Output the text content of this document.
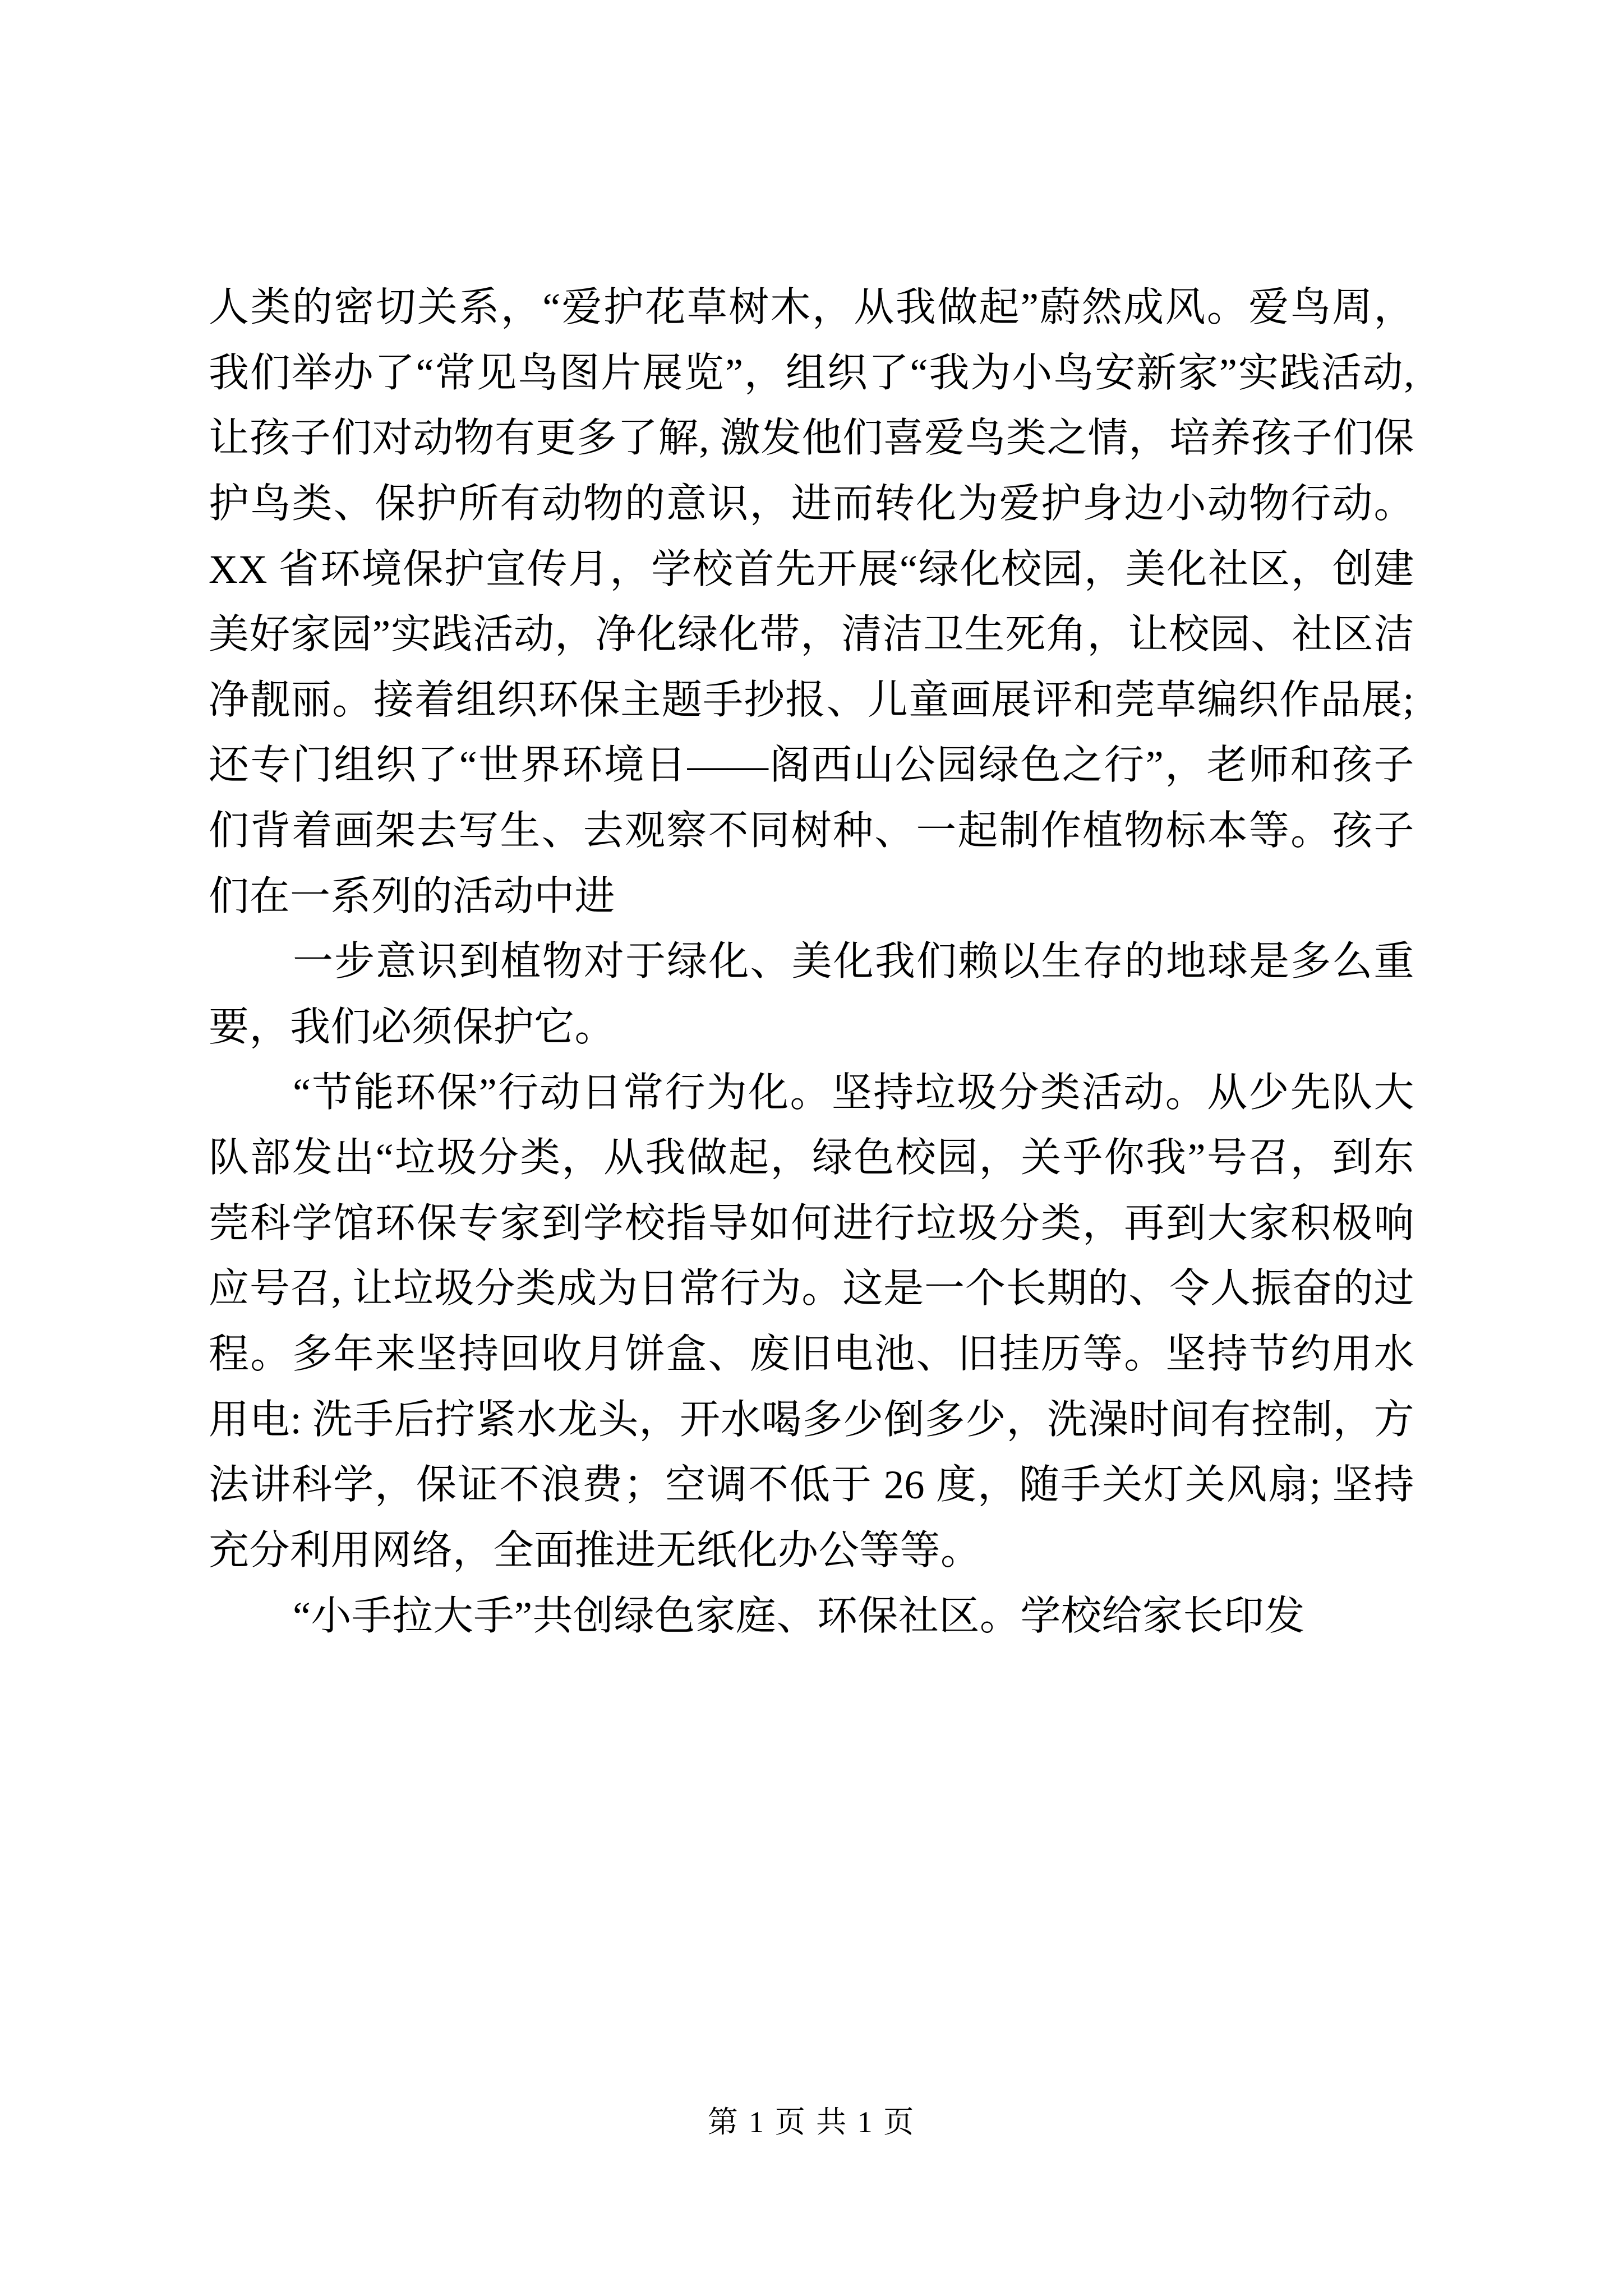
人类的密切关系，“爱护花草树木，从我做起”蔚然成风。爱鸟周，我们举办了“常见鸟图片展览”，组织了“我为小鸟安新家”实践活动, 让孩子们对动物有更多了解, 激发他们喜爱鸟类之情，培养孩子们保护鸟类、保护所有动物的意识，进而转化为爱护身边小动物行动。XX 省环境保护宣传月，学校首先开展“绿化校园，美化社区，创建美好家园”实践活动，净化绿化带，清洁卫生死角，让校园、社区洁净靓丽。接着组织环保主题手抄报、儿童画展评和莞草编织作品展; 还专门组织了“世界环境日——阁西山公园绿色之行”，老师和孩子们背着画架去写生、去观察不同树种、一起制作植物标本等。孩子们在一系列的活动中进

一步意识到植物对于绿化、美化我们赖以生存的地球是多么重要，我们必须保护它。

“节能环保”行动日常行为化。坚持垃圾分类活动。从少先队大队部发出“垃圾分类，从我做起，绿色校园，关乎你我”号召，到东莞科学馆环保专家到学校指导如何进行垃圾分类，再到大家积极响应号召, 让垃圾分类成为日常行为。这是一个长期的、令人振奋的过程。多年来坚持回收月饼盒、废旧电池、旧挂历等。坚持节约用水用电: 洗手后拧紧水龙头，开水喝多少倒多少，洗澡时间有控制，方法讲科学，保证不浪费；空调不低于 26 度，随手关灯关风扇; 坚持充分利用网络，全面推进无纸化办公等等。

“小手拉大手”共创绿色家庭、环保社区。学校给家长印发

第 1 页 共 1 页
